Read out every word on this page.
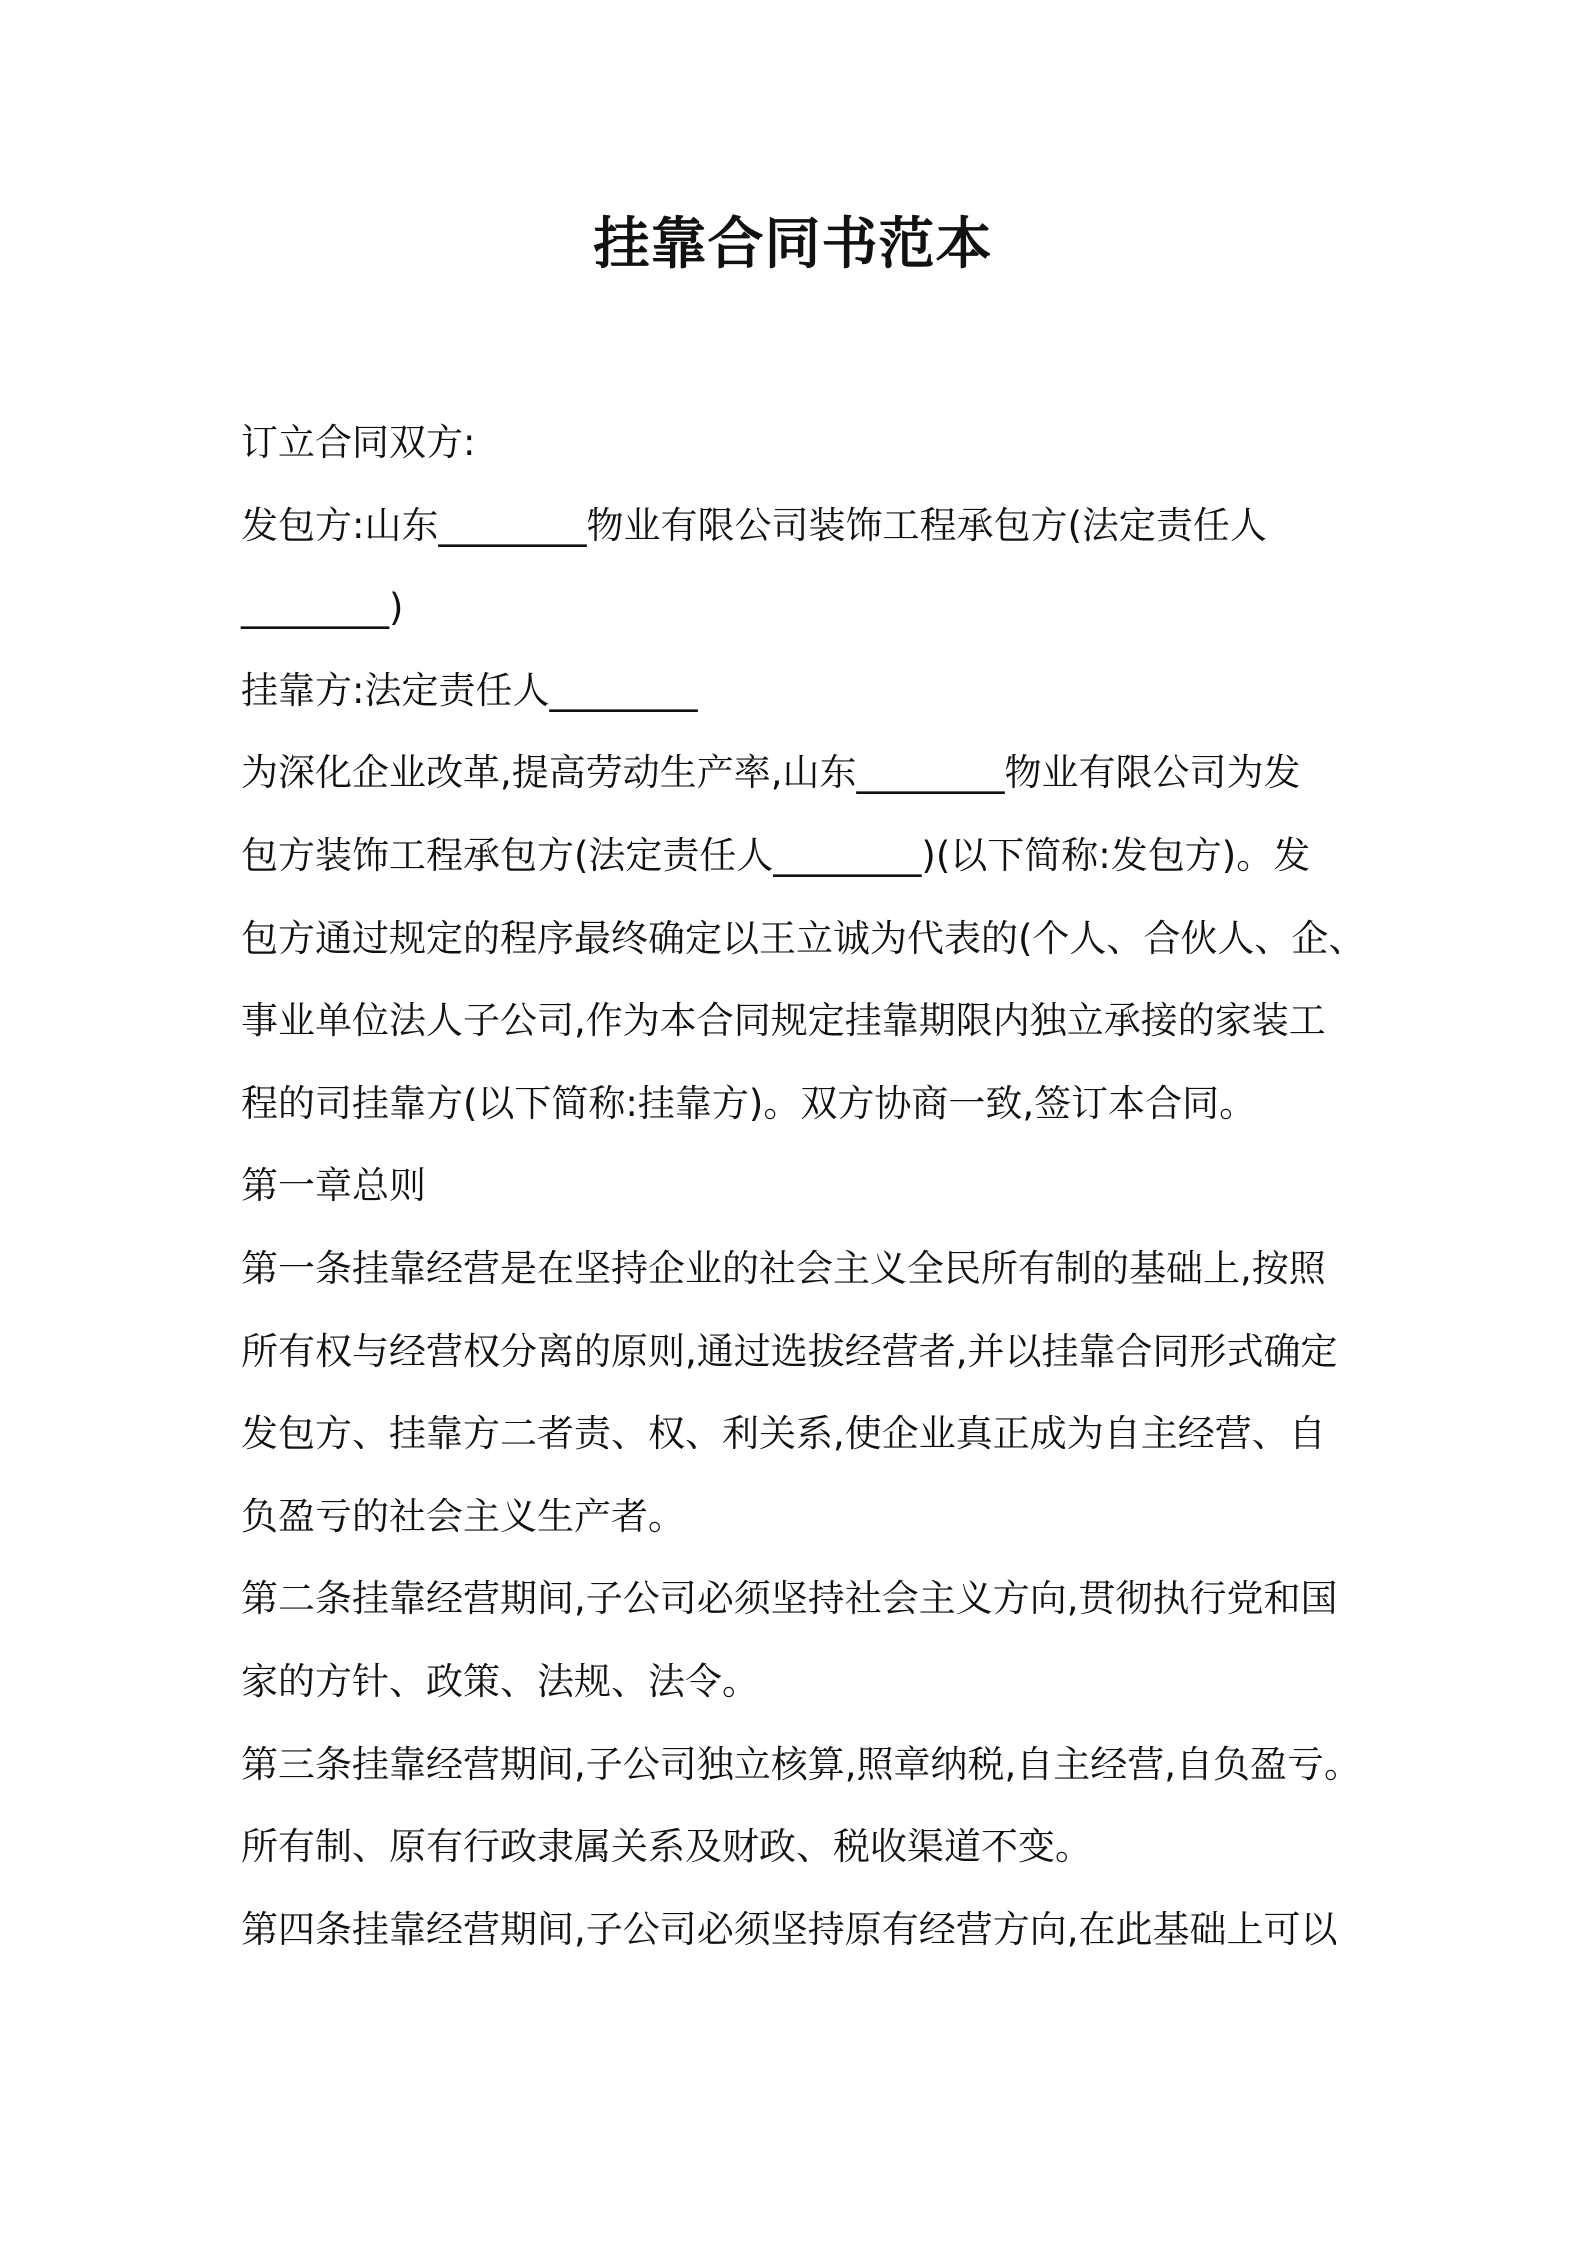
挂靠合同书范本
订立合同双方:
发包方:山东________物业有限公司装饰工程承包方(法定责任人
________)
挂靠方:法定责任人________
为深化企业改革,提高劳动生产率,山东________物业有限公司为发
包方装饰工程承包方(法定责任人________)(以下简称:发包方)。发
包方通过规定的程序最终确定以王立诚为代表的(个人、合伙人、企、
事业单位法人子公司,作为本合同规定挂靠期限内独立承接的家装工
程的司挂靠方(以下简称:挂靠方)。双方协商一致,签订本合同。
第一章总则
第一条挂靠经营是在坚持企业的社会主义全民所有制的基础上,按照
所有权与经营权分离的原则,通过选拔经营者,并以挂靠合同形式确定
发包方、挂靠方二者责、权、利关系,使企业真正成为自主经营、自
负盈亏的社会主义生产者。
第二条挂靠经营期间,子公司必须坚持社会主义方向,贯彻执行党和国
家的方针、政策、法规、法令。
第三条挂靠经营期间,子公司独立核算,照章纳税,自主经营,自负盈亏。
所有制、原有行政隶属关系及财政、税收渠道不变。
第四条挂靠经营期间,子公司必须坚持原有经营方向,在此基础上可以
